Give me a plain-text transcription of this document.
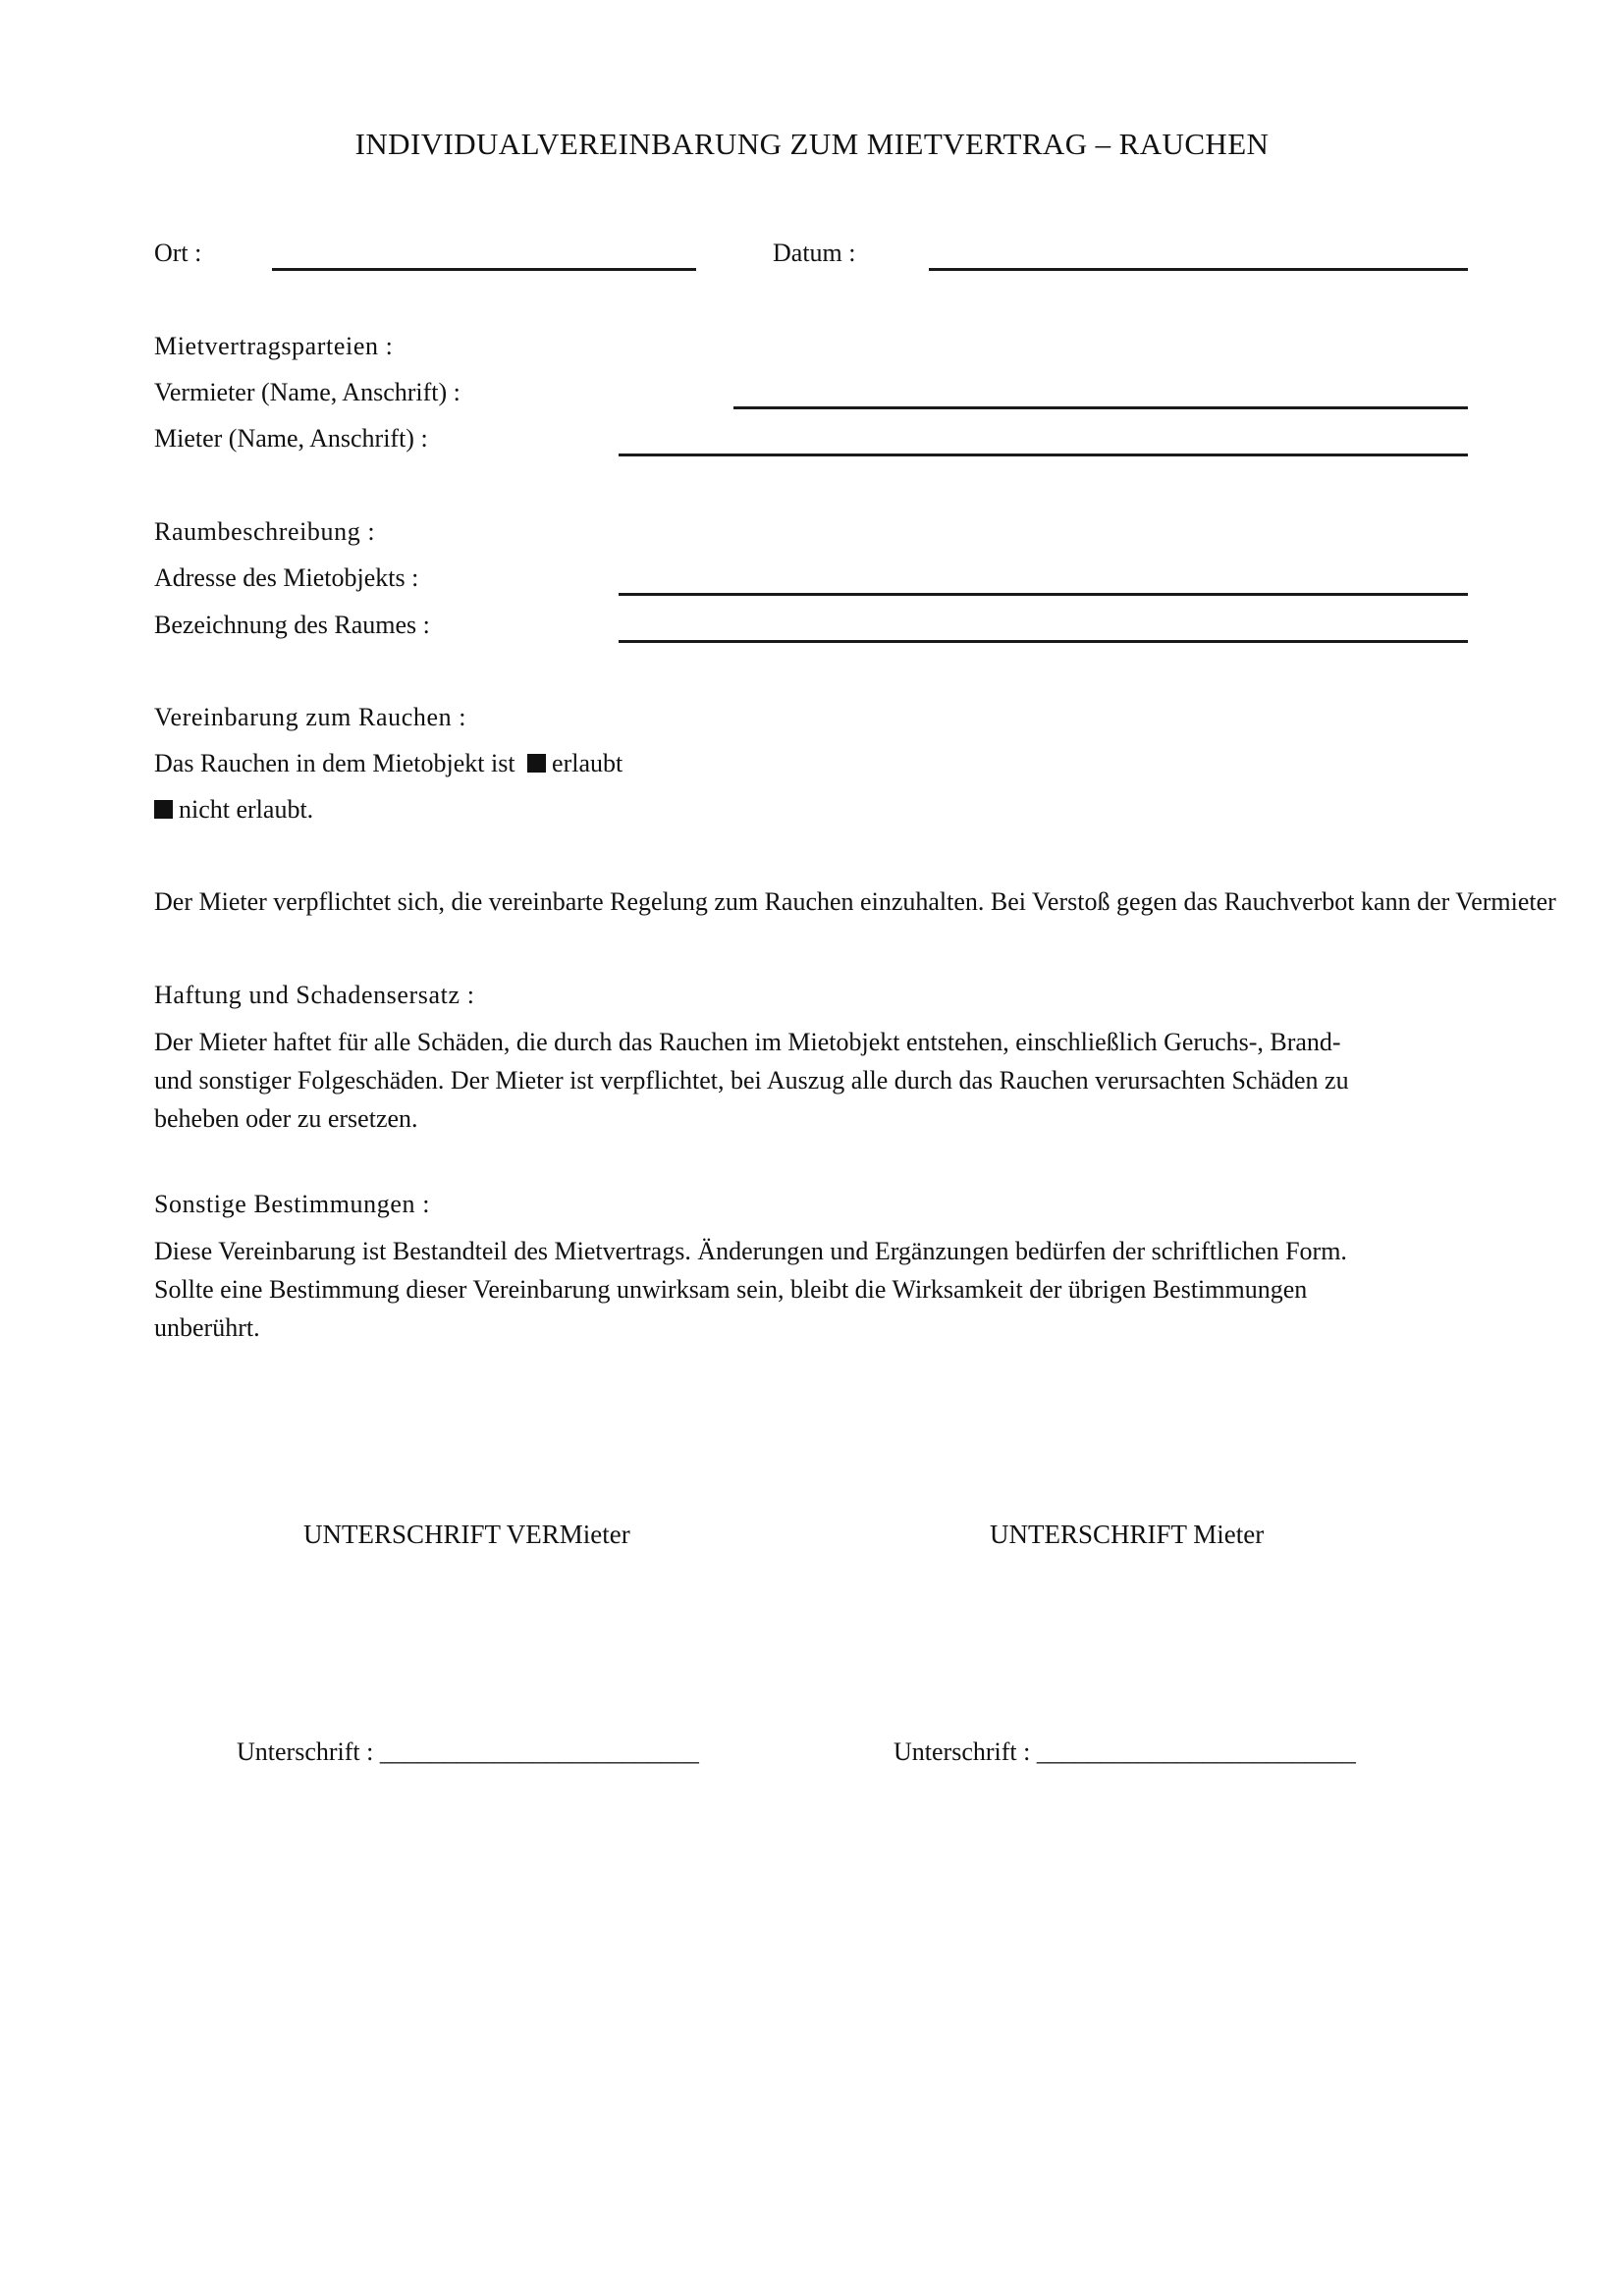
INDIVIDUALVEREINBARUNG ZUM MIETVERTRAG – RAUCHEN
Ort :	Datum :
Mietvertragsparteien :
Vermieter (Name, Anschrift) :
Mieter (Name, Anschrift) :
Raumbeschreibung :
Adresse des Mietobjekts :
Bezeichnung des Raumes :
Vereinbarung zum Rauchen :
Das Rauchen in dem Mietobjekt ist erlaubt
nicht erlaubt.
Der Mieter verpflichtet sich, die vereinbarte Regelung zum Rauchen einzuhalten. Bei Verstoß gegen das Rauchverbot kann der Vermieter
Haftung und Schadensersatz :
Der Mieter haftet für alle Schäden, die durch das Rauchen im Mietobjekt entstehen, einschließlich Geruchs-, Brand-
und sonstiger Folgeschäden. Der Mieter ist verpflichtet, bei Auszug alle durch das Rauchen verursachten Schäden zu
beheben oder zu ersetzen.
Sonstige Bestimmungen :
Diese Vereinbarung ist Bestandteil des Mietvertrags. Änderungen und Ergänzungen bedürfen der schriftlichen Form.
Sollte eine Bestimmung dieser Vereinbarung unwirksam sein, bleibt die Wirksamkeit der übrigen Bestimmungen
unberührt.
UNTERSCHRIFT VERMieter	UNTERSCHRIFT Mieter
Unterschrift : _________________________	Unterschrift : _________________________
